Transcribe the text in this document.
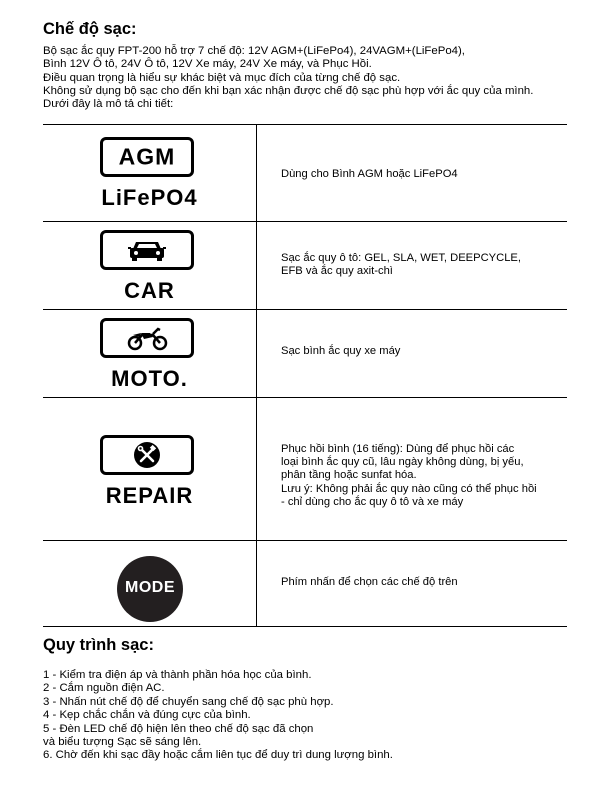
Chế độ sạc:
Bộ sạc ắc quy FPT-200 hỗ trợ 7 chế độ: 12V AGM+(LiFePo4), 24VAGM+(LiFePo4),
Bình 12V Ô tô, 24V Ô tô, 12V Xe máy, 24V Xe máy, và Phục Hồi.
Điều quan trọng là hiểu sự khác biệt và mục đích của từng chế độ sạc.
Không sử dụng bộ sạc cho đến khi bạn xác nhận được chế độ sạc phù hợp với ắc quy của mình.
Dưới đây là mô tả chi tiết:
AGM
LiFePO4
Dùng cho Bình AGM hoặc LiFePO4
CAR
Sạc ắc quy ô tô: GEL, SLA, WET, DEEPCYCLE,
EFB và ắc quy axit-chì
MOTO.
Sạc bình ắc quy xe máy
REPAIR
Phục hồi bình (16 tiếng): Dùng để phục hồi các
loại bình ắc quy cũ, lâu ngày không dùng, bị yếu,
phân tầng hoặc sunfat hóa.
Lưu ý: Không phải ắc quy nào cũng có thể phục hồi
- chỉ dùng cho ắc quy ô tô và xe máy
MODE	Phím nhấn để chọn các chế độ trên
Quy trình sạc:
1 - Kiểm tra điện áp và thành phần hóa học của bình.
2 - Cắm nguồn điện AC.
3 - Nhấn nút chế độ để chuyển sang chế độ sạc phù hợp.
4 - Kẹp chắc chắn và đúng cực của bình.
5 - Đèn LED chế độ hiện lên theo chế độ sạc đã chọn
và biểu tượng Sạc sẽ sáng lên.
6. Chờ đến khi sạc đầy hoặc cắm liên tục để duy trì dung lượng bình.
